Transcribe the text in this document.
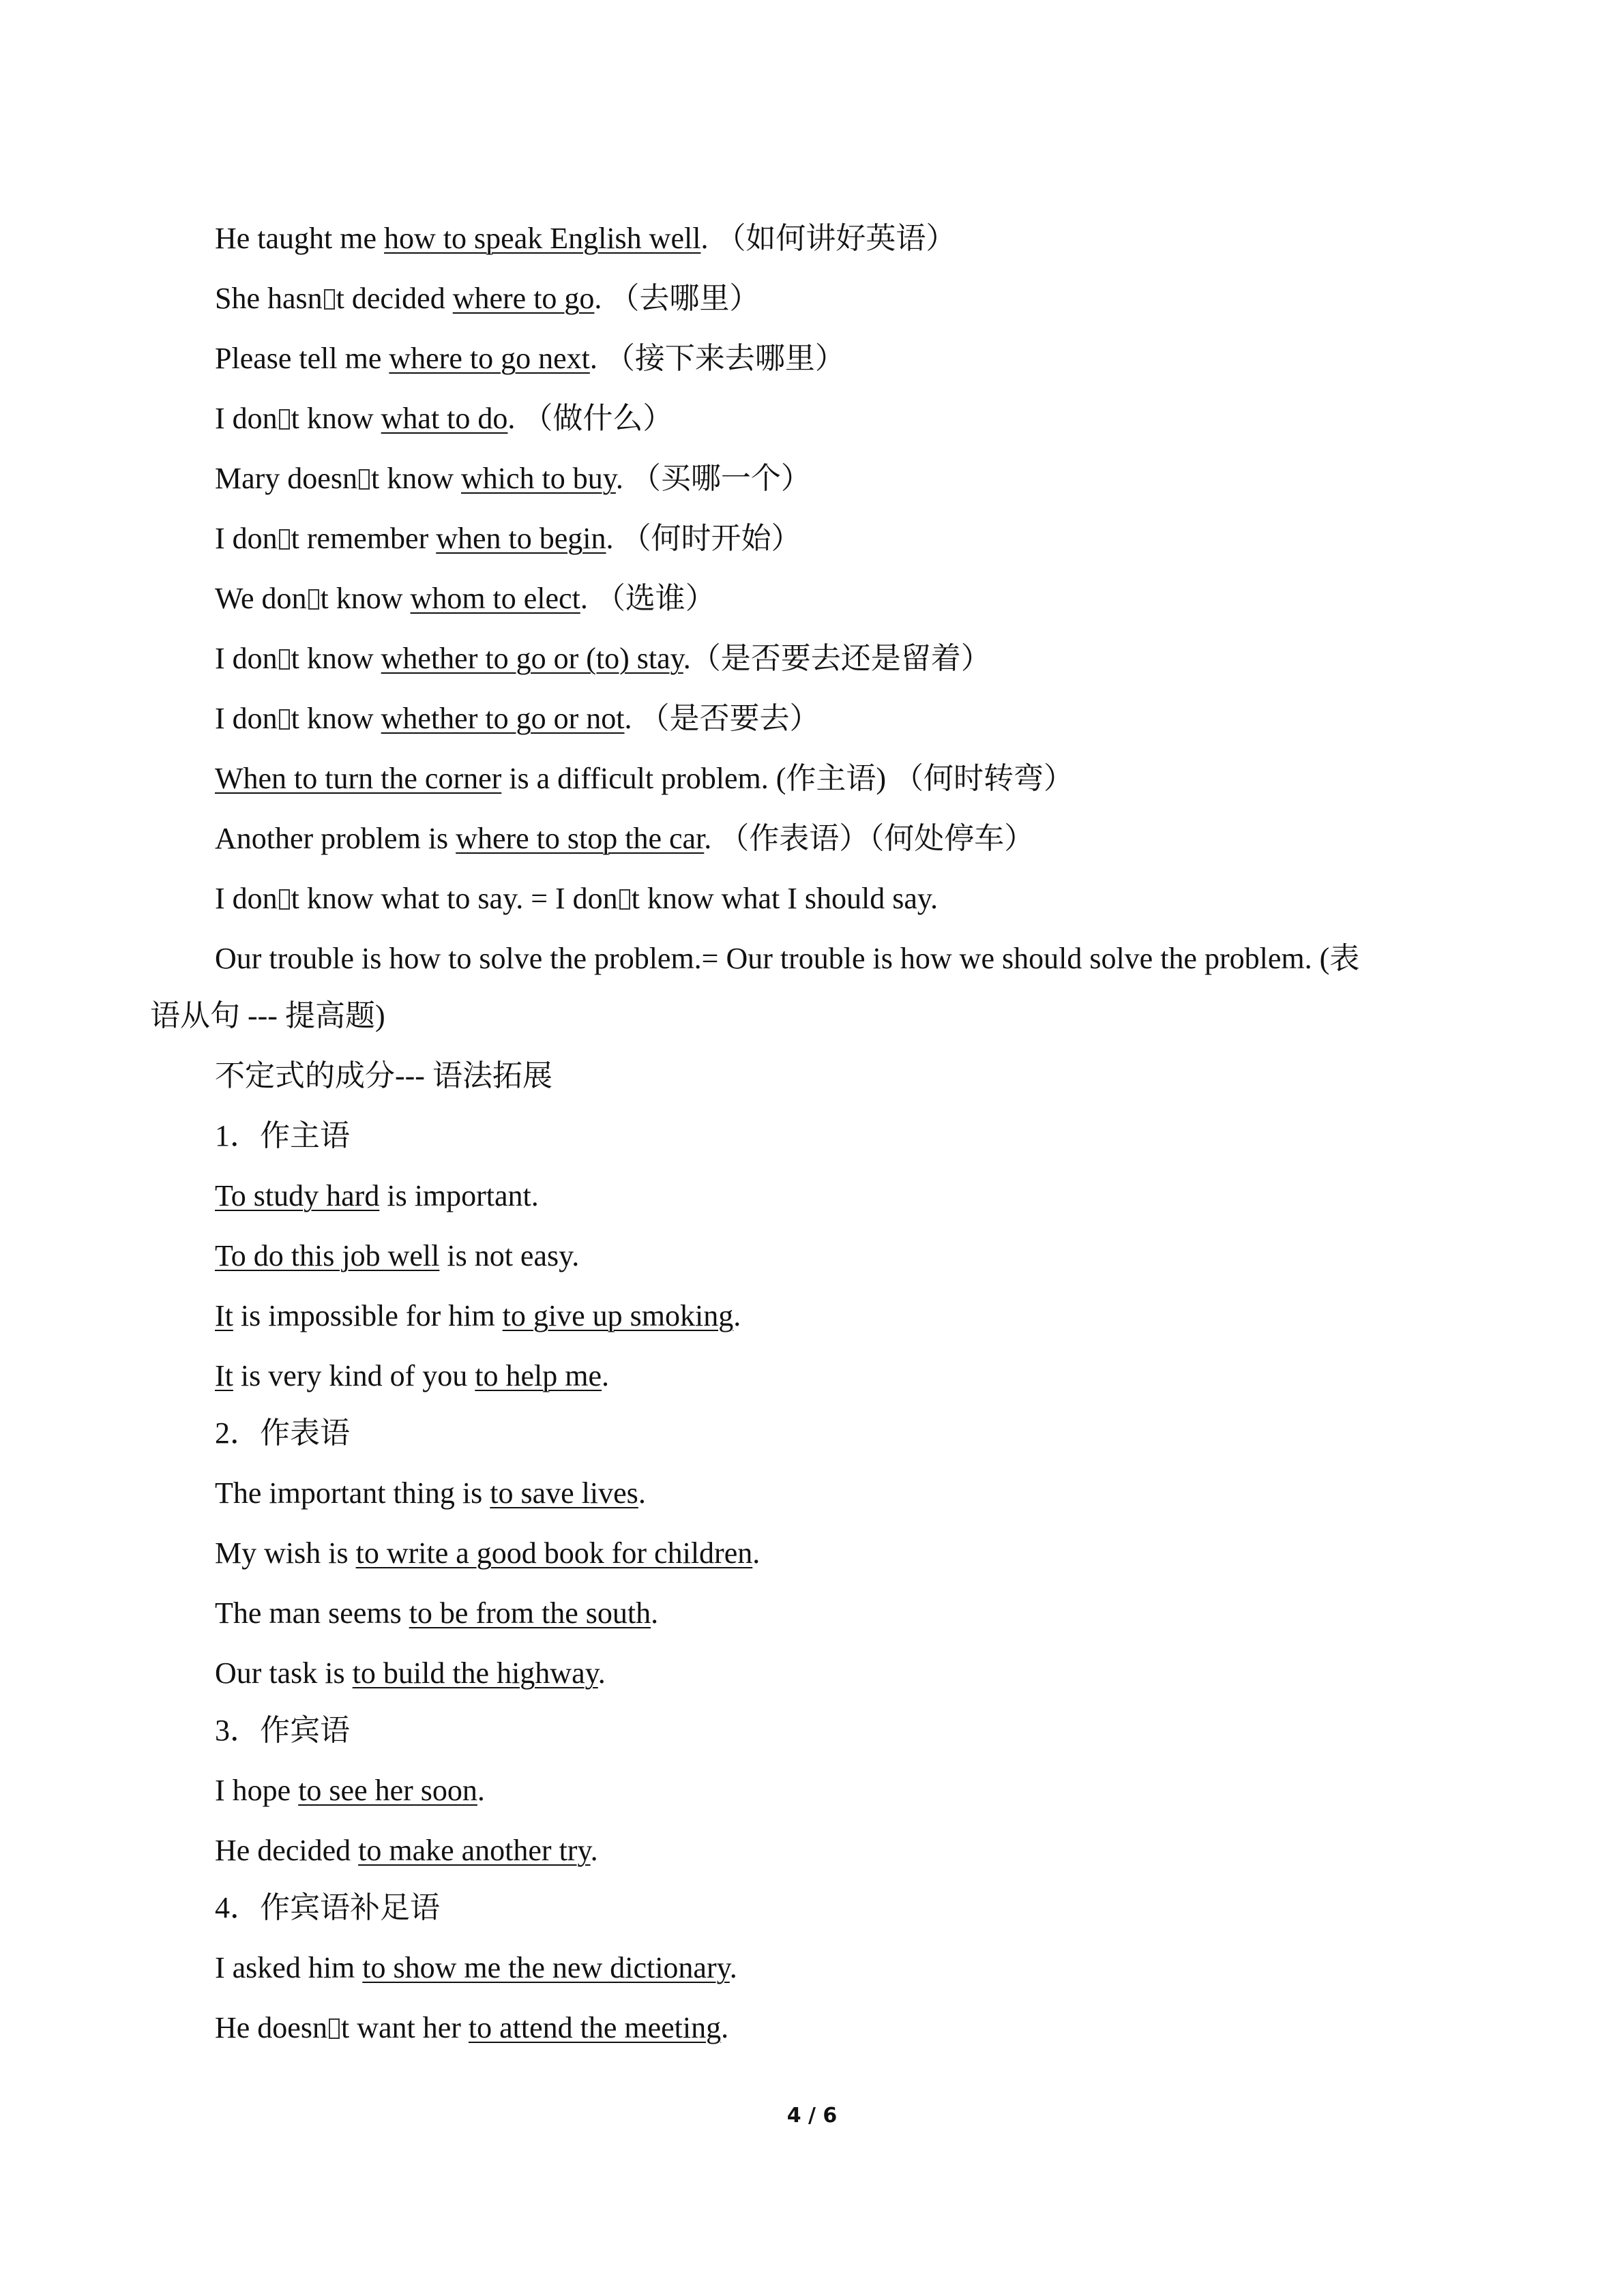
He taught me how to speak English well. （如何讲好英语）
She hasn t decided where to go. （去哪里）
Please tell me where to go next. （接下来去哪里）
I don t know what to do. （做什么）
Mary doesn t know which to buy. （买哪一个）
I don t remember when to begin. （何时开始）
We don t know whom to elect. （选谁）
I don t know whether to go or (to) stay.（是否要去还是留着）
I don t know whether to go or not. （是否要去）
When to turn the corner is a difficult problem. (作主语) （何时转弯）
Another problem is where to stop the car. （作表语）（何处停车）
I don t know what to say. = I don t know what I should say.
Our trouble is how to solve the problem.= Our trouble is how we should solve the problem. (表
语从句 --- 提高题)
不定式的成分--- 语法拓展
1．作主语
To study hard is important.
To do this job well is not easy.
It is impossible for him to give up smoking.
It is very kind of you to help me.
2．作表语
The important thing is to save lives.
My wish is to write a good book for children.
The man seems to be from the south.
Our task is to build the highway.
3．作宾语
I hope to see her soon.
He decided to make another try.
4．作宾语补足语
I asked him to show me the new dictionary.
He doesn t want her to attend the meeting.
4 / 6
